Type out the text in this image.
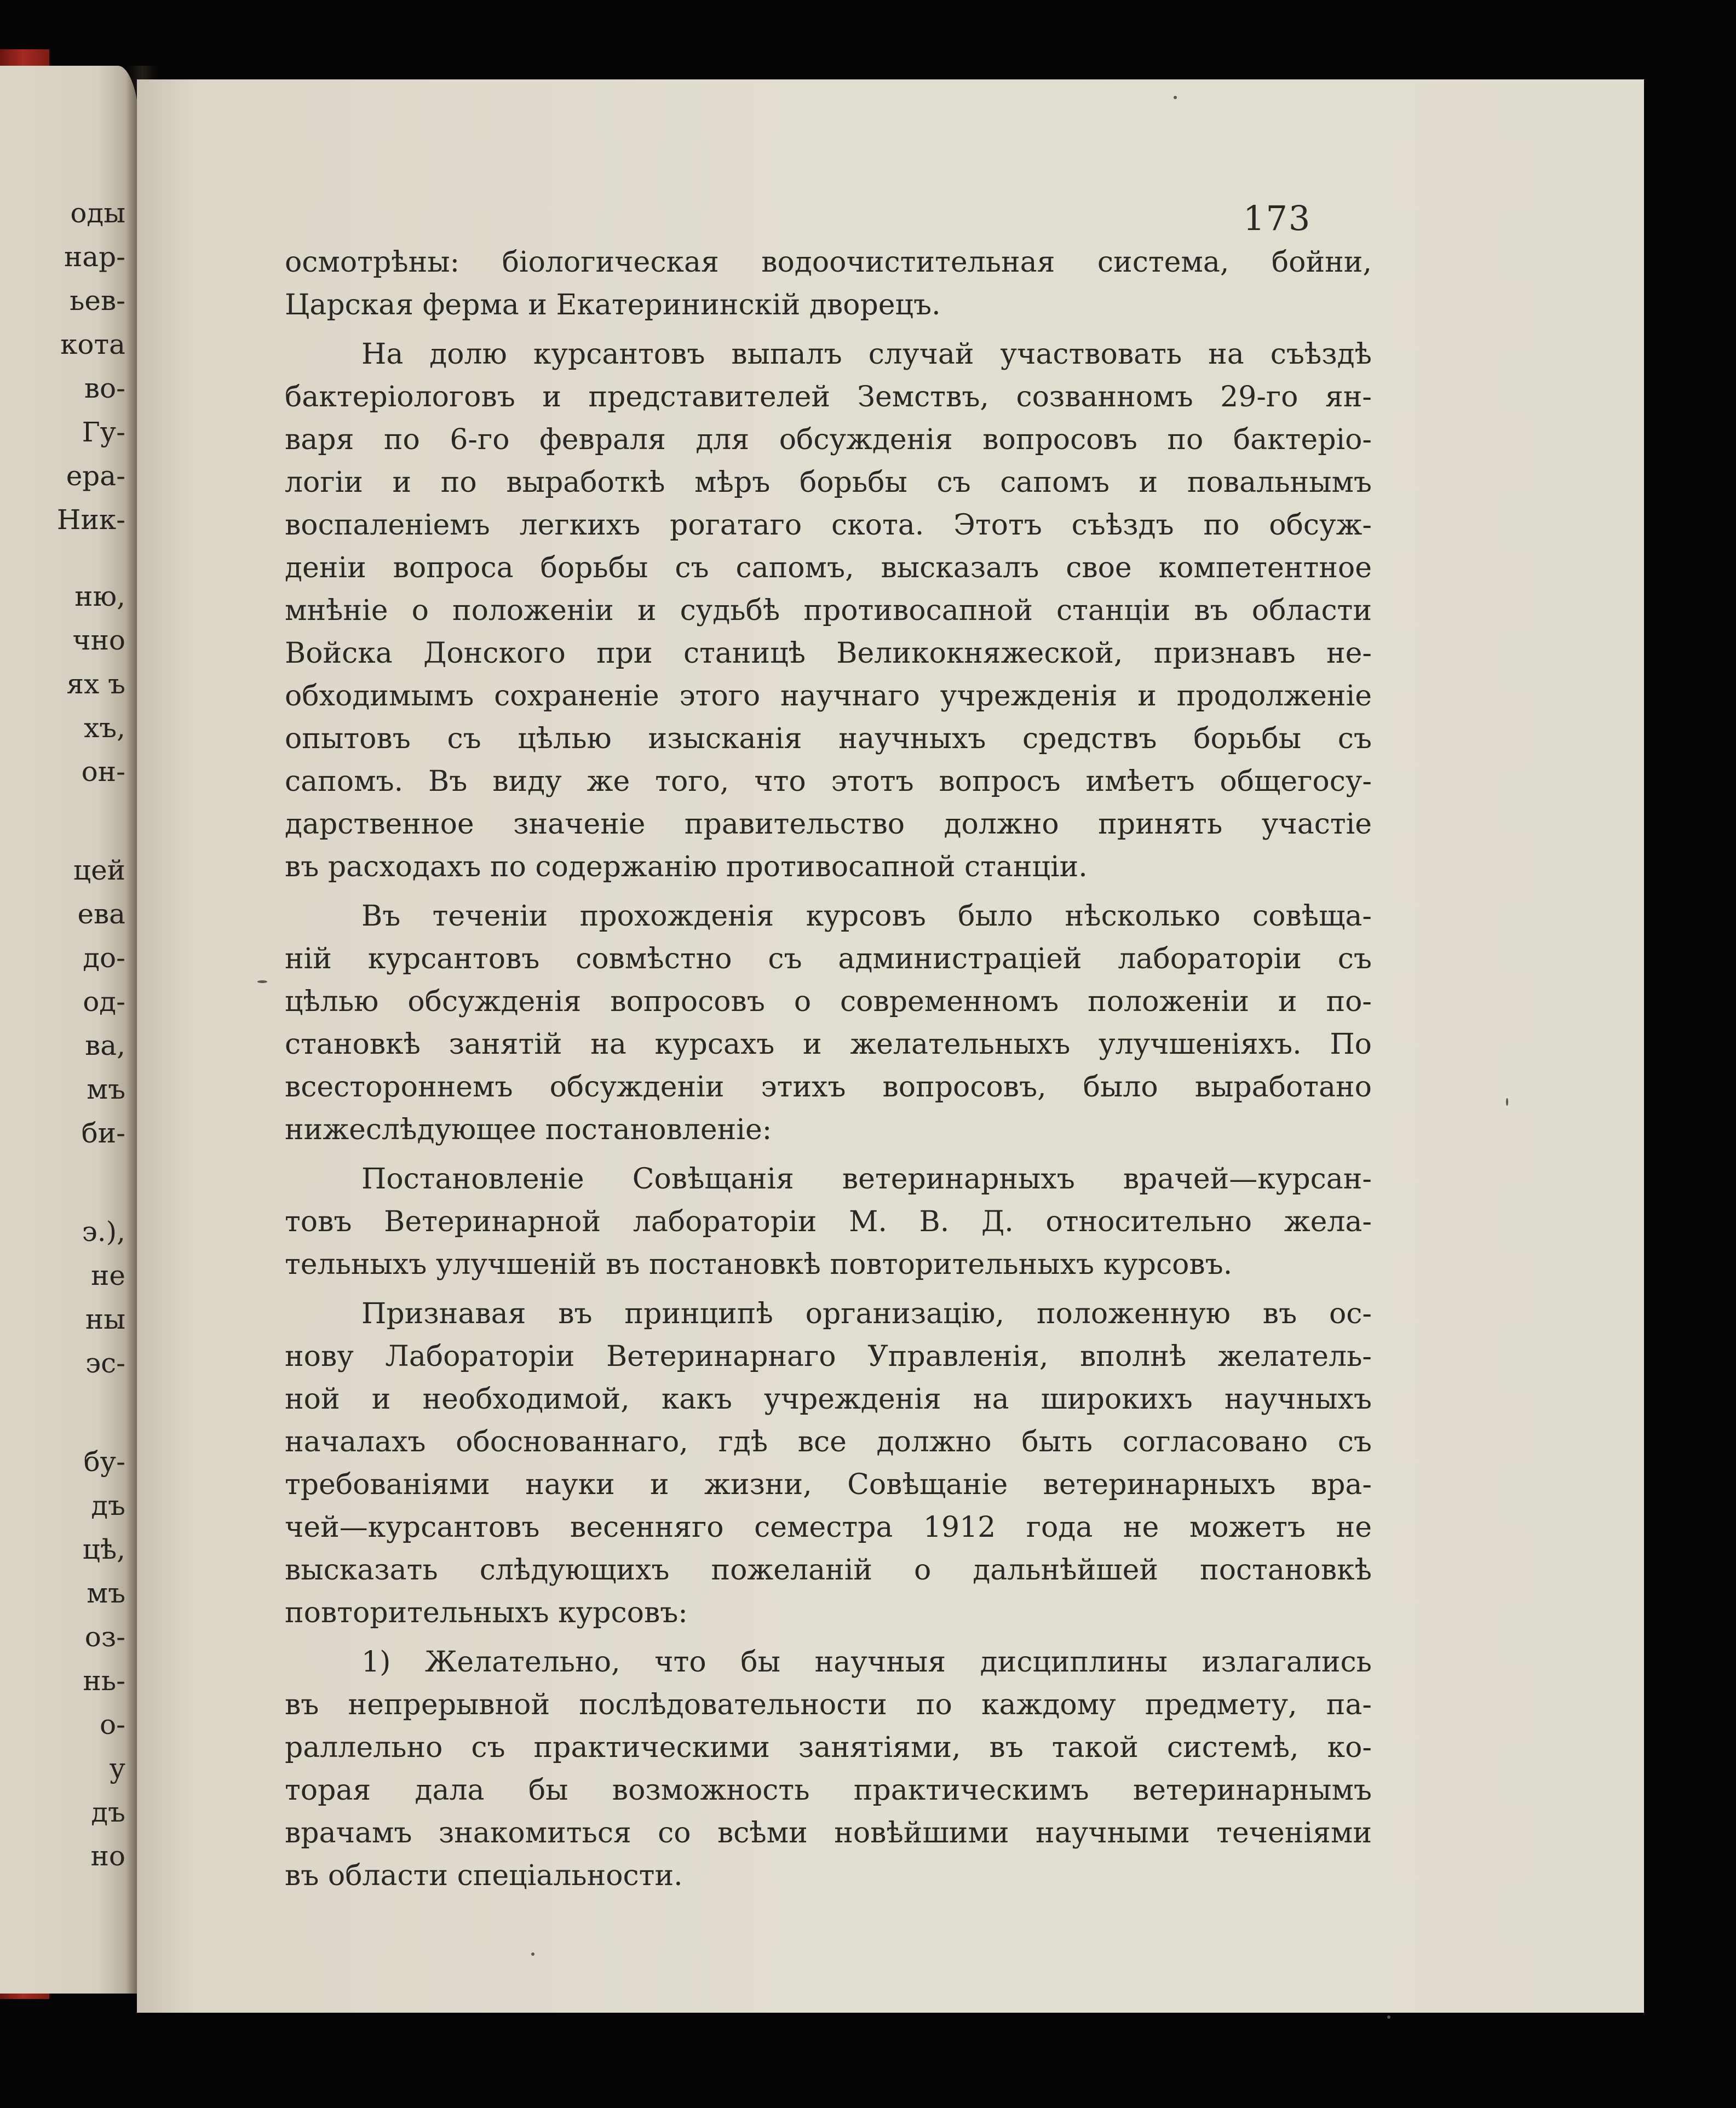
оды
нар-
ьев-
кота
во-
Гу-
ера-
Ник-
ню,
чно
ях ъ
хъ,
он-
цей
ева
до-
од-
ва,
мъ
би-
э.),
не
ны
эс-
бу-
дъ
цѣ,
мъ
оз-
нь-
о-
у
дъ
но
173
осмотрѣны: біологическая водоочистительная система, бойни,
Царская ферма и Екатерининскій дворецъ.
На долю курсантовъ выпалъ случай участвовать на съѣздѣ
бактеріологовъ и представителей Земствъ, созванномъ 29-го ян-
варя по 6-го февраля для обсужденія вопросовъ по бактеріо-
логіи и по выработкѣ мѣръ борьбы съ сапомъ и повальнымъ
воспаленіемъ легкихъ рогатаго скота. Этотъ съѣздъ по обсуж-
деніи вопроса борьбы съ сапомъ, высказалъ свое компетентное
мнѣніе о положеніи и судьбѣ противосапной станціи въ области
Войска Донского при станицѣ Великокняжеской, признавъ не-
обходимымъ сохраненіе этого научнаго учрежденія и продолженіе
опытовъ съ цѣлью изысканія научныхъ средствъ борьбы съ
сапомъ. Въ виду же того, что этотъ вопросъ имѣетъ общегосу-
дарственное значеніе правительство должно принять участіе
въ расходахъ по содержанію противосапной станціи.
Въ теченіи прохожденія курсовъ было нѣсколько совѣща-
ній курсантовъ совмѣстно съ администраціей лабораторіи съ
цѣлью обсужденія вопросовъ о современномъ положеніи и по-
становкѣ занятій на курсахъ и желательныхъ улучшеніяхъ. По
всестороннемъ обсужденіи этихъ вопросовъ, было выработано
нижеслѣдующее постановленіе:
Постановленіе Совѣщанія ветеринарныхъ врачей—курсан-
товъ Ветеринарной лабораторіи М. В. Д. относительно жела-
тельныхъ улучшеній въ постановкѣ повторительныхъ курсовъ.
Признавая въ принципѣ организацію, положенную въ ос-
нову Лабораторіи Ветеринарнаго Управленія, вполнѣ желатель-
ной и необходимой, какъ учрежденія на широкихъ научныхъ
началахъ обоснованнаго, гдѣ все должно быть согласовано съ
требованіями науки и жизни, Совѣщаніе ветеринарныхъ вра-
чей—курсантовъ весенняго семестра 1912 года не можетъ не
высказать слѣдующихъ пожеланій о дальнѣйшей постановкѣ
повторительныхъ курсовъ:
1) Желательно, что бы научныя дисциплины излагались
въ непрерывной послѣдовательности по каждому предмету, па-
раллельно съ практическими занятіями, въ такой системѣ, ко-
торая дала бы возможность практическимъ ветеринарнымъ
врачамъ знакомиться со всѣми новѣйшими научными теченіями
въ области спеціальности.
